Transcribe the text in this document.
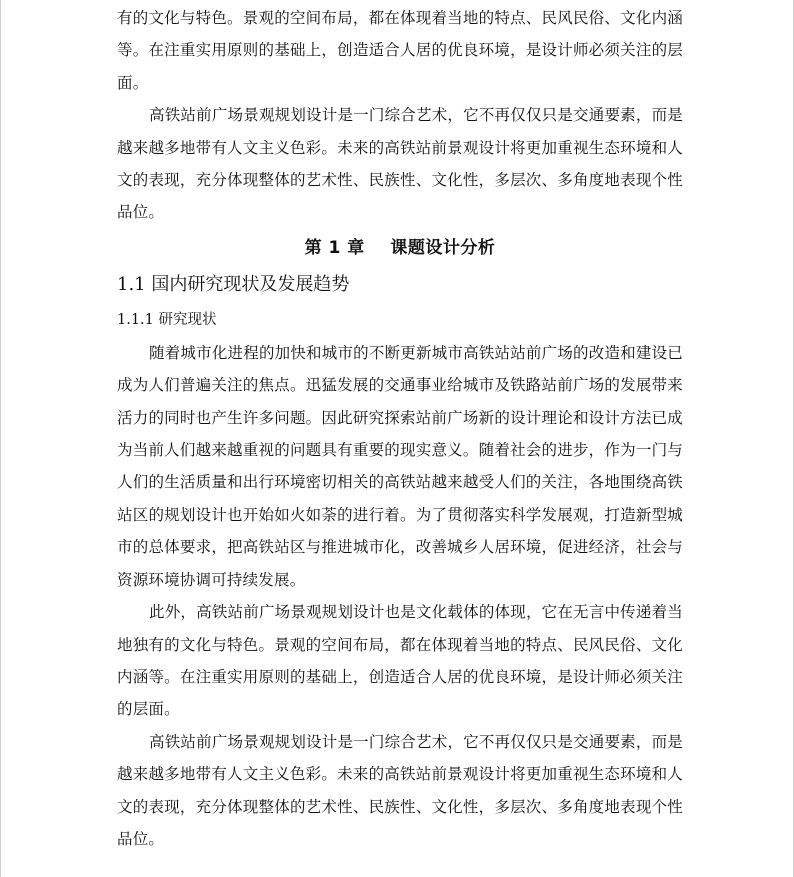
有的文化与特色。景观的空间布局，都在体现着当地的特点、民风民俗、文化内涵等。在注重实用原则的基础上，创造适合人居的优良环境，是设计师必须关注的层面。

高铁站前广场景观规划设计是一门综合艺术，它不再仅仅只是交通要素，而是越来越多地带有人文主义色彩。未来的高铁站前景观设计将更加重视生态环境和人文的表现，充分体现整体的艺术性、民族性、文化性，多层次、多角度地表现个性品位。

第 1 章 课题设计分析
1.1 国内研究现状及发展趋势
1.1.1 研究现状

随着城市化进程的加快和城市的不断更新城市高铁站站前广场的改造和建设已成为人们普遍关注的焦点。迅猛发展的交通事业给城市及铁路站前广场的发展带来活力的同时也产生许多问题。因此研究探索站前广场新的设计理论和设计方法已成为当前人们越来越重视的问题具有重要的现实意义。随着社会的进步，作为一门与人们的生活质量和出行环境密切相关的高铁站越来越受人们的关注，各地围绕高铁站区的规划设计也开始如火如荼的进行着。为了贯彻落实科学发展观，打造新型城市的总体要求，把高铁站区与推进城市化，改善城乡人居环境，促进经济，社会与资源环境协调可持续发展。

此外，高铁站前广场景观规划设计也是文化载体的体现，它在无言中传递着当地独有的文化与特色。景观的空间布局，都在体现着当地的特点、民风民俗、文化内涵等。在注重实用原则的基础上，创造适合人居的优良环境，是设计师必须关注的层面。

高铁站前广场景观规划设计是一门综合艺术，它不再仅仅只是交通要素，而是越来越多地带有人文主义色彩。未来的高铁站前景观设计将更加重视生态环境和人文的表现，充分体现整体的艺术性、民族性、文化性，多层次、多角度地表现个性品位。
